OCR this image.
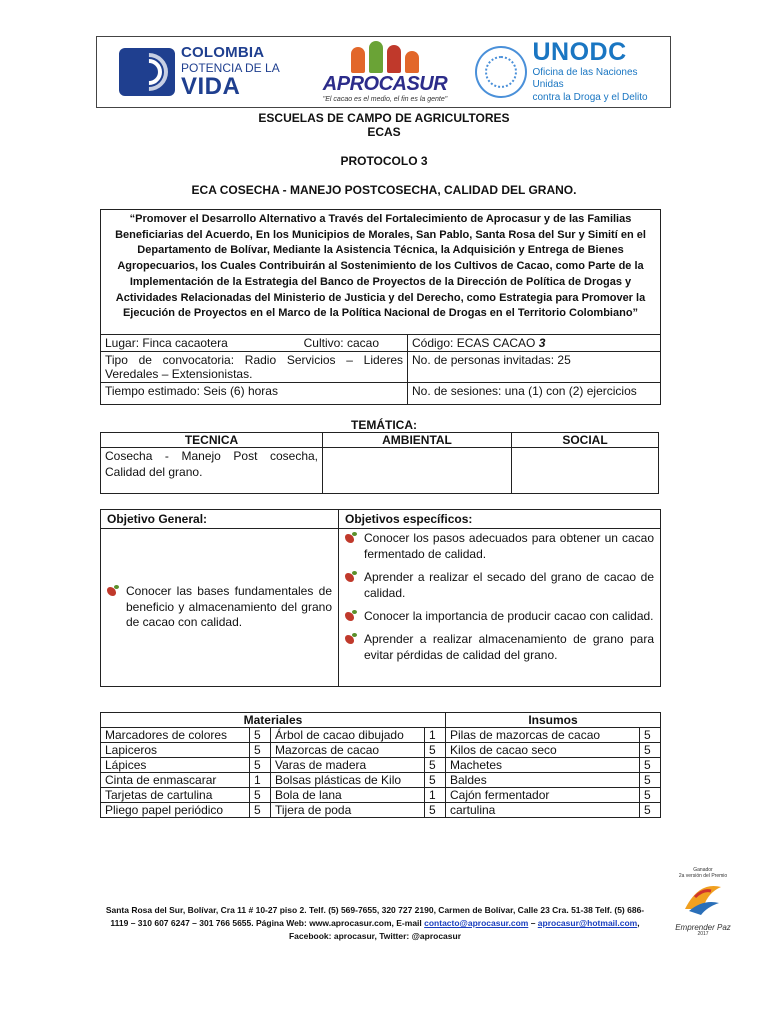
COLOMBIA
POTENCIA DE LA
VIDA	APROCASUR
"El cacao es el medio, el fin es la gente"
UNODC
Oficina de las Naciones Unidas
contra la Droga y el Delito
ESCUELAS DE CAMPO DE AGRICULTORES
ECAS
PROTOCOLO 3
ECA COSECHA - MANEJO POSTCOSECHA, CALIDAD DEL GRANO.
“Promover el Desarrollo Alternativo a Través del Fortalecimiento de Aprocasur y de las Familias Beneficiarias del Acuerdo, En los Municipios de Morales, San Pablo, Santa Rosa del Sur y Simití en el Departamento de Bolívar, Mediante la Asistencia Técnica, la Adquisición y Entrega de Bienes Agropecuarios, los Cuales Contribuirán al Sostenimiento de los Cultivos de Cacao, como Parte de la Implementación de la Estrategia del Banco de Proyectos de la Dirección de Política de Drogas y Actividades Relacionadas del Ministerio de Justicia y del Derecho, como Estrategia para Promover la Ejecución de Proyectos en el Marco de la Política Nacional de Drogas en el Territorio Colombiano”	
Lugar: Finca cacaotera Cultivo: cacao	Código: ECAS CACAO 3
Tipo de convocatoria: Radio Servicios – Lideres Veredales – Extensionistas.	No. de personas invitadas: 25
Tiempo estimado: Seis (6) horas	No. de sesiones: una (1) con (2) ejercicios
TEMÁTICA:
TECNICA	AMBIENTAL	SOCIAL
Cosecha - Manejo Post cosecha, Calidad del grano.		
Objetivo General:	Objetivos específicos:

Conocer las bases fundamentales de beneficio y almacenamiento del grano de cacao con calidad.	Conocer los pasos adecuados para obtener un cacao fermentado de calidad.
Aprender a realizar el secado del grano de cacao de calidad.
Conocer la importancia de producir cacao con calidad.
Aprender a realizar almacenamiento de grano para evitar pérdidas de calidad del grano.
Materiales				Insumos	
Marcadores de colores	5	Árbol de cacao dibujado	1	Pilas de mazorcas de cacao	5
Lapiceros	5	Mazorcas de cacao	5	Kilos de cacao seco	5
Lápices	5	Varas de madera	5	Machetes	5
Cinta de enmascarar	1	Bolsas plásticas de Kilo	5	Baldes	5
Tarjetas de cartulina	5	Bola de lana	1	Cajón fermentador	5
Pliego papel periódico	5	Tijera de poda	5	cartulina	5
Santa Rosa del Sur, Bolívar, Cra 11 # 10-27 piso 2. Telf. (5) 569-7655, 320 727 2190, Carmen de Bolívar, Calle 23 Cra. 51-38 Telf. (5) 686-
1119 – 310 607 6247 – 301 766 5655. Página Web: www.aprocasur.com, E-mail contacto@aprocasur.com – aprocasur@hotmail.com,
Facebook: aprocasur, Twitter: @aprocasur
Ganador
2a versión del Premio
Emprender Paz
2017
